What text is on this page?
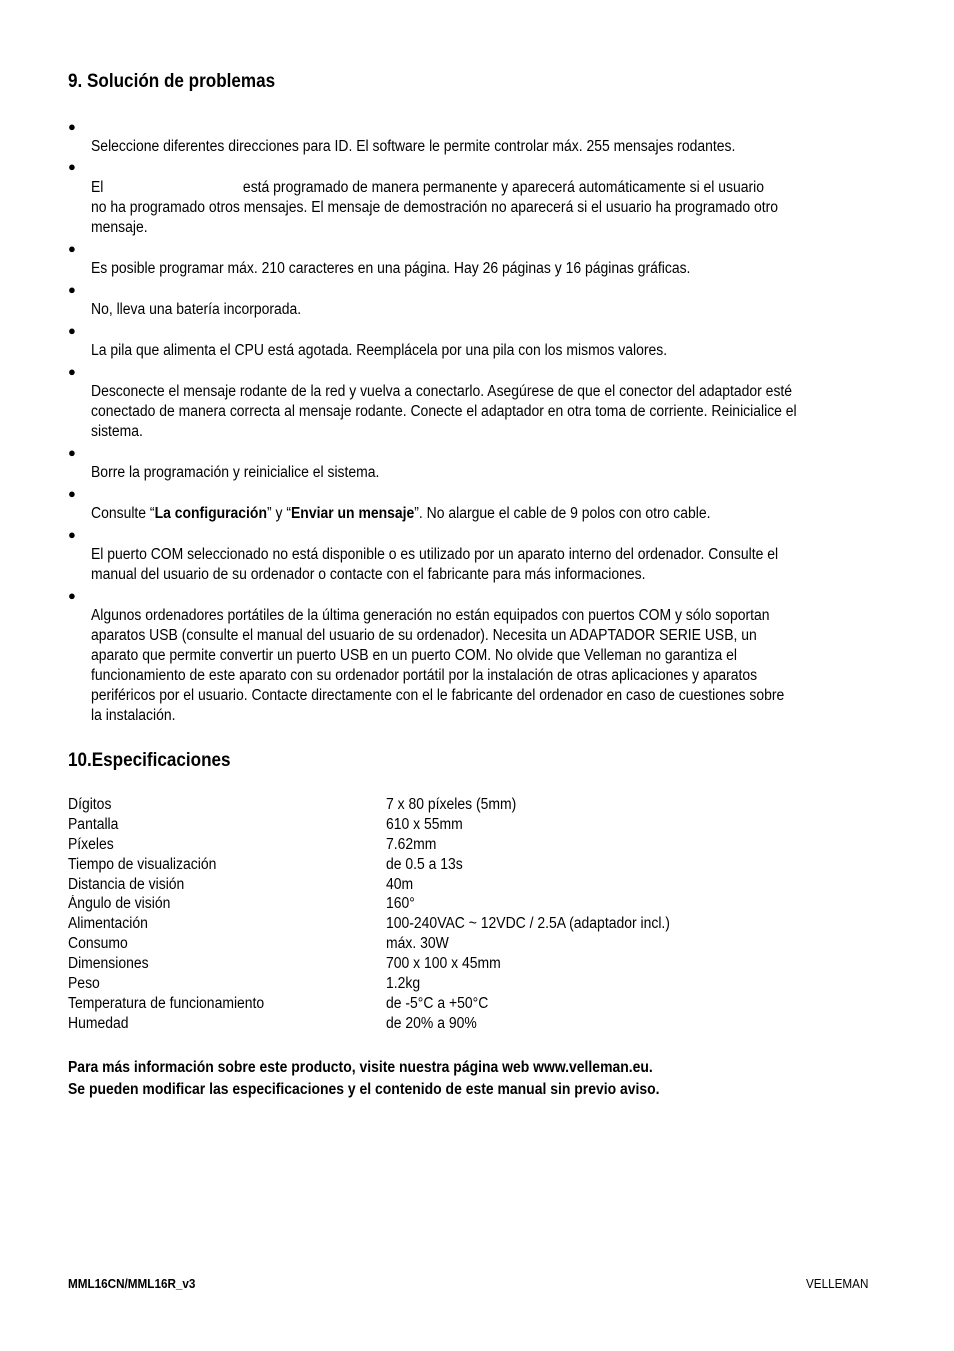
9. Solución de problemas
●
Seleccione diferentes direcciones para ID. El software le permite controlar máx. 255 mensajes rodantes.
●
El                                    está programado de manera permanente y aparecerá automáticamente si el usuario
no ha programado otros mensajes. El mensaje de demostración no aparecerá si el usuario ha programado otro
mensaje.
●
Es posible programar máx. 210 caracteres en una página. Hay 26 páginas y 16 páginas gráficas.
●
No, lleva una batería incorporada.
●
La pila que alimenta el CPU está agotada. Reemplácela por una pila con los mismos valores.
●
Desconecte el mensaje rodante de la red y vuelva a conectarlo. Asegúrese de que el conector del adaptador esté
conectado de manera correcta al mensaje rodante. Conecte el adaptador en otra toma de corriente. Reinicialice el
sistema.
●
Borre la programación y reinicialice el sistema.
●
Consulte “La configuración” y “Enviar un mensaje”. No alargue el cable de 9 polos con otro cable.
●
El puerto COM seleccionado no está disponible o es utilizado por un aparato interno del ordenador. Consulte el
manual del usuario de su ordenador o contacte con el fabricante para más informaciones.
●
Algunos ordenadores portátiles de la última generación no están equipados con puertos COM y sólo soportan
aparatos USB (consulte el manual del usuario de su ordenador). Necesita un ADAPTADOR SERIE USB, un
aparato que permite convertir un puerto USB en un puerto COM. No olvide que Velleman no garantiza el
funcionamiento de este aparato con su ordenador portátil por la instalación de otras aplicaciones y aparatos
periféricos por el usuario. Contacte directamente con el le fabricante del ordenador en caso de cuestiones sobre
la instalación.
10.Especificaciones
Dígitos	7 x 80 píxeles (5mm)
Pantalla	610 x 55mm
Píxeles	7.62mm
Tiempo de visualización	de 0.5 a 13s
Distancia de visión	40m
Ángulo de visión	160°
Alimentación	100-240VAC ~ 12VDC / 2.5A (adaptador incl.)
Consumo	máx. 30W
Dimensiones	700 x 100 x 45mm
Peso	1.2kg
Temperatura de funcionamiento	de -5°C a +50°C
Humedad	de 20% a 90%
Para más información sobre este producto, visite nuestra página web www.velleman.eu.
Se pueden modificar las especificaciones y el contenido de este manual sin previo aviso.
MML16CN/MML16R_v3	VELLEMAN
